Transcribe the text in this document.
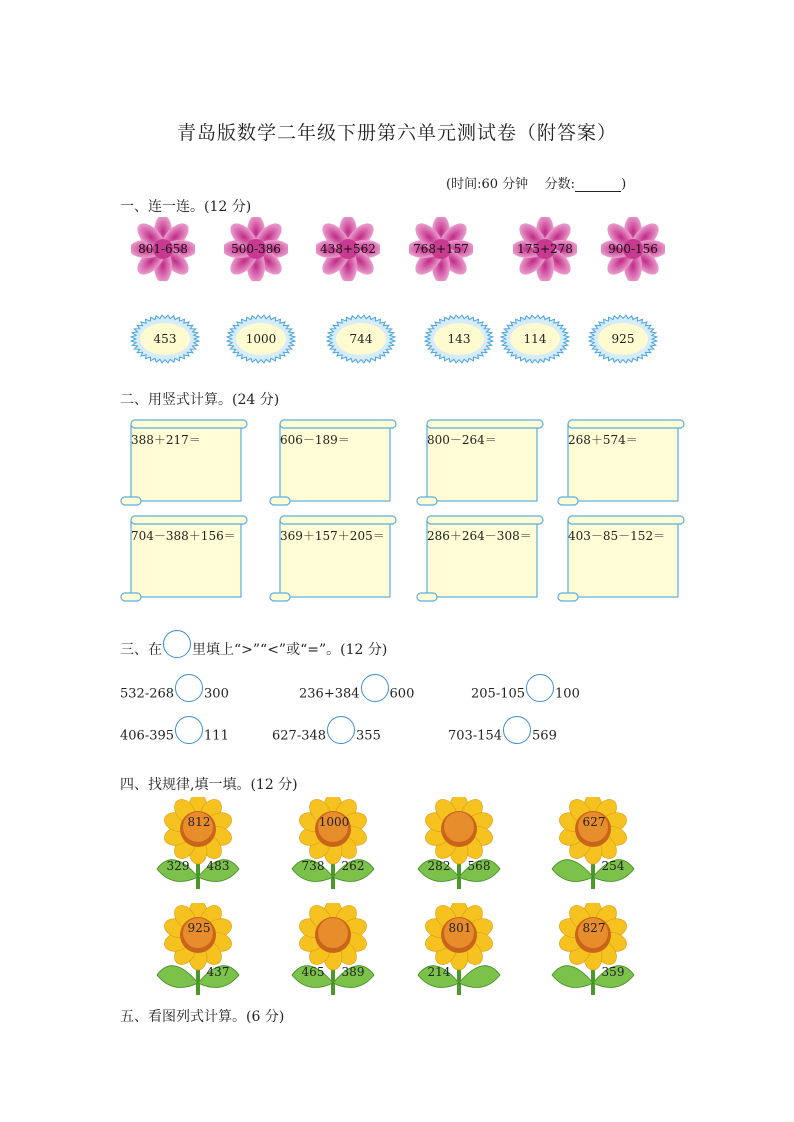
青岛版数学二年级下册第六单元测试卷（附答案）
(时间:60 分钟 分数:	)
一、连一连。(12 分)
801-658	500-386	438+562	768+157	175+278	900-156
453	1000	744	143	114	925
二、用竖式计算。(24 分)
388＋217＝	606－189＝	800－264＝	268＋574＝
704－388＋156＝	369＋157＋205＝	286＋264－308＝	403－85－152＝
三、在 里填上“>”“<”或“=”。(12 分)
532-268 300	236+384 600	205-105 100
406-395 111	627-348 355	703-154 569
四、找规律,填一填。(12 分)
812
329	483
1000
738	262	282	568
627
254
925
437	465	389
801
214
827
359
五、看图列式计算。(6 分)
